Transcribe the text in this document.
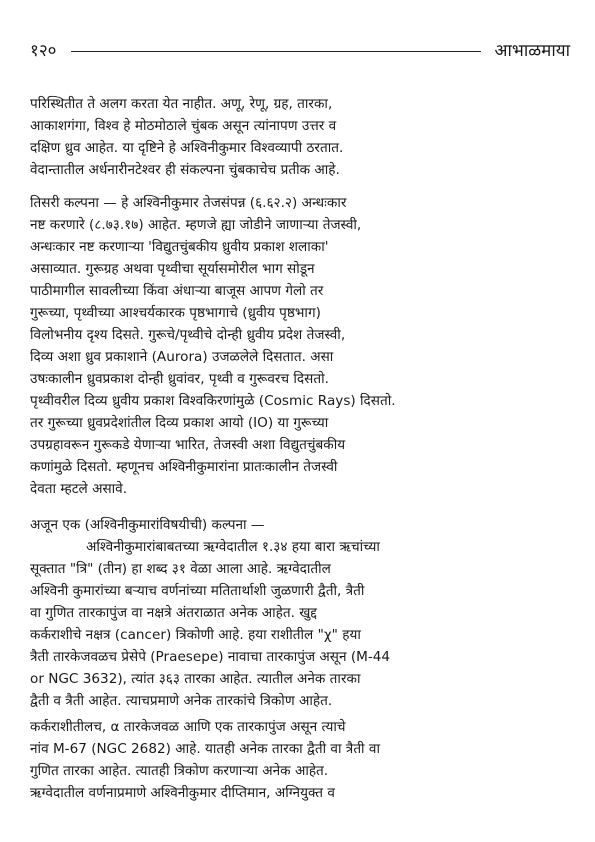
१२०	आभाळमाया
परिस्थितीत ते अलग करता येत नाहीत. अणू, रेणू, ग्रह, तारका,
आकाशगंगा, विश्व हे मोठमोठाले चुंबक असून त्यांनापण उत्तर व
दक्षिण ध्रुव आहेत. या दृष्टिने हे अश्विनीकुमार विश्वव्यापी ठरतात.
वेदान्तातील अर्धनारीनटेश्वर ही संकल्पना चुंबकाचेच प्रतीक आहे.
तिसरी कल्पना — हे अश्विनीकुमार तेजसंपन्न (६.६२.२) अन्धःकार
नष्ट करणारे (८.७३.१७) आहेत. म्हणजे ह्या जोडीने जाणाऱ्या तेजस्वी,
अन्धःकार नष्ट करणाऱ्या 'विद्युतचुंबकीय ध्रुवीय प्रकाश शलाका'
असाव्यात. गुरूग्रह अथवा पृथ्वीचा सूर्यासमोरील भाग सोडून
पाठीमागील सावलीच्या किंवा अंधाऱ्या बाजूस आपण गेलो तर
गुरूच्या, पृथ्वीच्या आश्चर्यकारक पृष्ठभागाचे (ध्रुवीय पृष्ठभाग)
विलोभनीय दृश्य दिसते. गुरूचे/पृथ्वीचे दोन्ही ध्रुवीय प्रदेश तेजस्वी,
दिव्य अशा ध्रुव प्रकाशाने (Aurora) उजळलेले दिसतात. असा
उषःकालीन ध्रुवप्रकाश दोन्ही ध्रुवांवर, पृथ्वी व गुरूवरच दिसतो.
पृथ्वीवरील दिव्य ध्रुवीय प्रकाश विश्वकिरणांमुळे (Cosmic Rays) दिसतो.
तर गुरूच्या ध्रुवप्रदेशांतील दिव्य प्रकाश आयो (IO) या गुरूच्या
उपग्रहावरून गुरूकडे येणाऱ्या भारित, तेजस्वी अशा विद्युतचुंबकीय
कणांमुळे दिसतो. म्हणूनच अश्विनीकुमारांना प्रातःकालीन तेजस्वी
देवता म्हटले असावे.
अजून एक (अश्विनीकुमारांविषयीची) कल्पना —
अश्विनीकुमारांबाबतच्या ऋग्वेदातील १.३४ हया बारा ऋचांच्या
सूक्तात "त्रि" (तीन) हा शब्द ३१ वेळा आला आहे. ऋग्वेदातील
अश्विनी कुमारांच्या बऱ्याच वर्णनांच्या मतितार्थाशी जुळणारी द्वैती, त्रैती
वा गुणित तारकापुंज वा नक्षत्रे अंतराळात अनेक आहेत. खुद्द
कर्कराशीचे नक्षत्र (cancer) त्रिकोणी आहे. हया राशीतील "χ" हया
त्रैती तारकेजवळच प्रेसेपे (Praesepe) नावाचा तारकापुंज असून (M-44
or NGC 3632), त्यांत ३६३ तारका आहेत. त्यातील अनेक तारका
द्वैती व त्रैती आहेत. त्याचप्रमाणे अनेक तारकांचे त्रिकोण आहेत.
कर्कराशीतीलच, α तारकेजवळ आणि एक तारकापुंज असून त्याचे
नांव M-67 (NGC 2682) आहे. यातही अनेक तारका द्वैती वा त्रैती वा
गुणित तारका आहेत. त्यातही त्रिकोण करणाऱ्या अनेक आहेत.
ऋग्वेदातील वर्णनाप्रमाणे अश्विनीकुमार दीप्तिमान, अग्नियुक्त व
